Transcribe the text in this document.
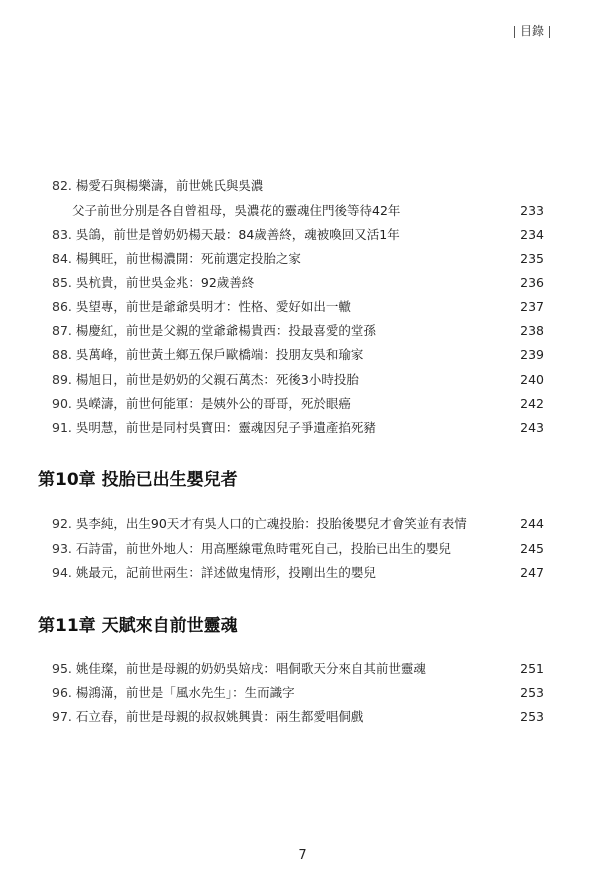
目錄
82. 楊愛石與楊樂濤，前世姚氏與吳濃
父子前世分別是各自曾祖母，吳濃花的靈魂住門後等待42年	233
83. 吳鴿，前世是曾奶奶楊天最：84歲善終，魂被喚回又活1年	234
84. 楊興旺，前世楊濃開：死前選定投胎之家	235
85. 吳杭貴，前世吳金兆：92歲善終	236
86. 吳望專，前世是爺爺吳明才：性格、愛好如出一轍	237
87. 楊慶紅，前世是父親的堂爺爺楊貴西：投最喜愛的堂孫	238
88. 吳萬峰，前世黃土鄉五保戶歐橋端：投朋友吳和瑜家	239
89. 楊旭日，前世是奶奶的父親石萬杰：死後3小時投胎	240
90. 吳嶸濤，前世何能軍：是姨外公的哥哥，死於眼癌	242
91. 吳明慧，前世是同村吳寶田：靈魂因兒子爭遺產掐死豬	243
第10章 投胎已出生嬰兒者
92. 吳李純，出生90天才有吳人口的亡魂投胎：投胎後嬰兒才會笑並有表情	244
93. 石詩雷，前世外地人：用高壓線電魚時電死自己，投胎已出生的嬰兒	245
94. 姚最元，記前世兩生：詳述做鬼情形，投剛出生的嬰兒	247
第11章 天賦來自前世靈魂
95. 姚佳璨，前世是母親的奶奶吳婄戌：唱侗歌天分來自其前世靈魂	251
96. 楊鴻滿，前世是「風水先生」：生而識字	253
97. 石立春，前世是母親的叔叔姚興貴：兩生都愛唱侗戲	253
7
